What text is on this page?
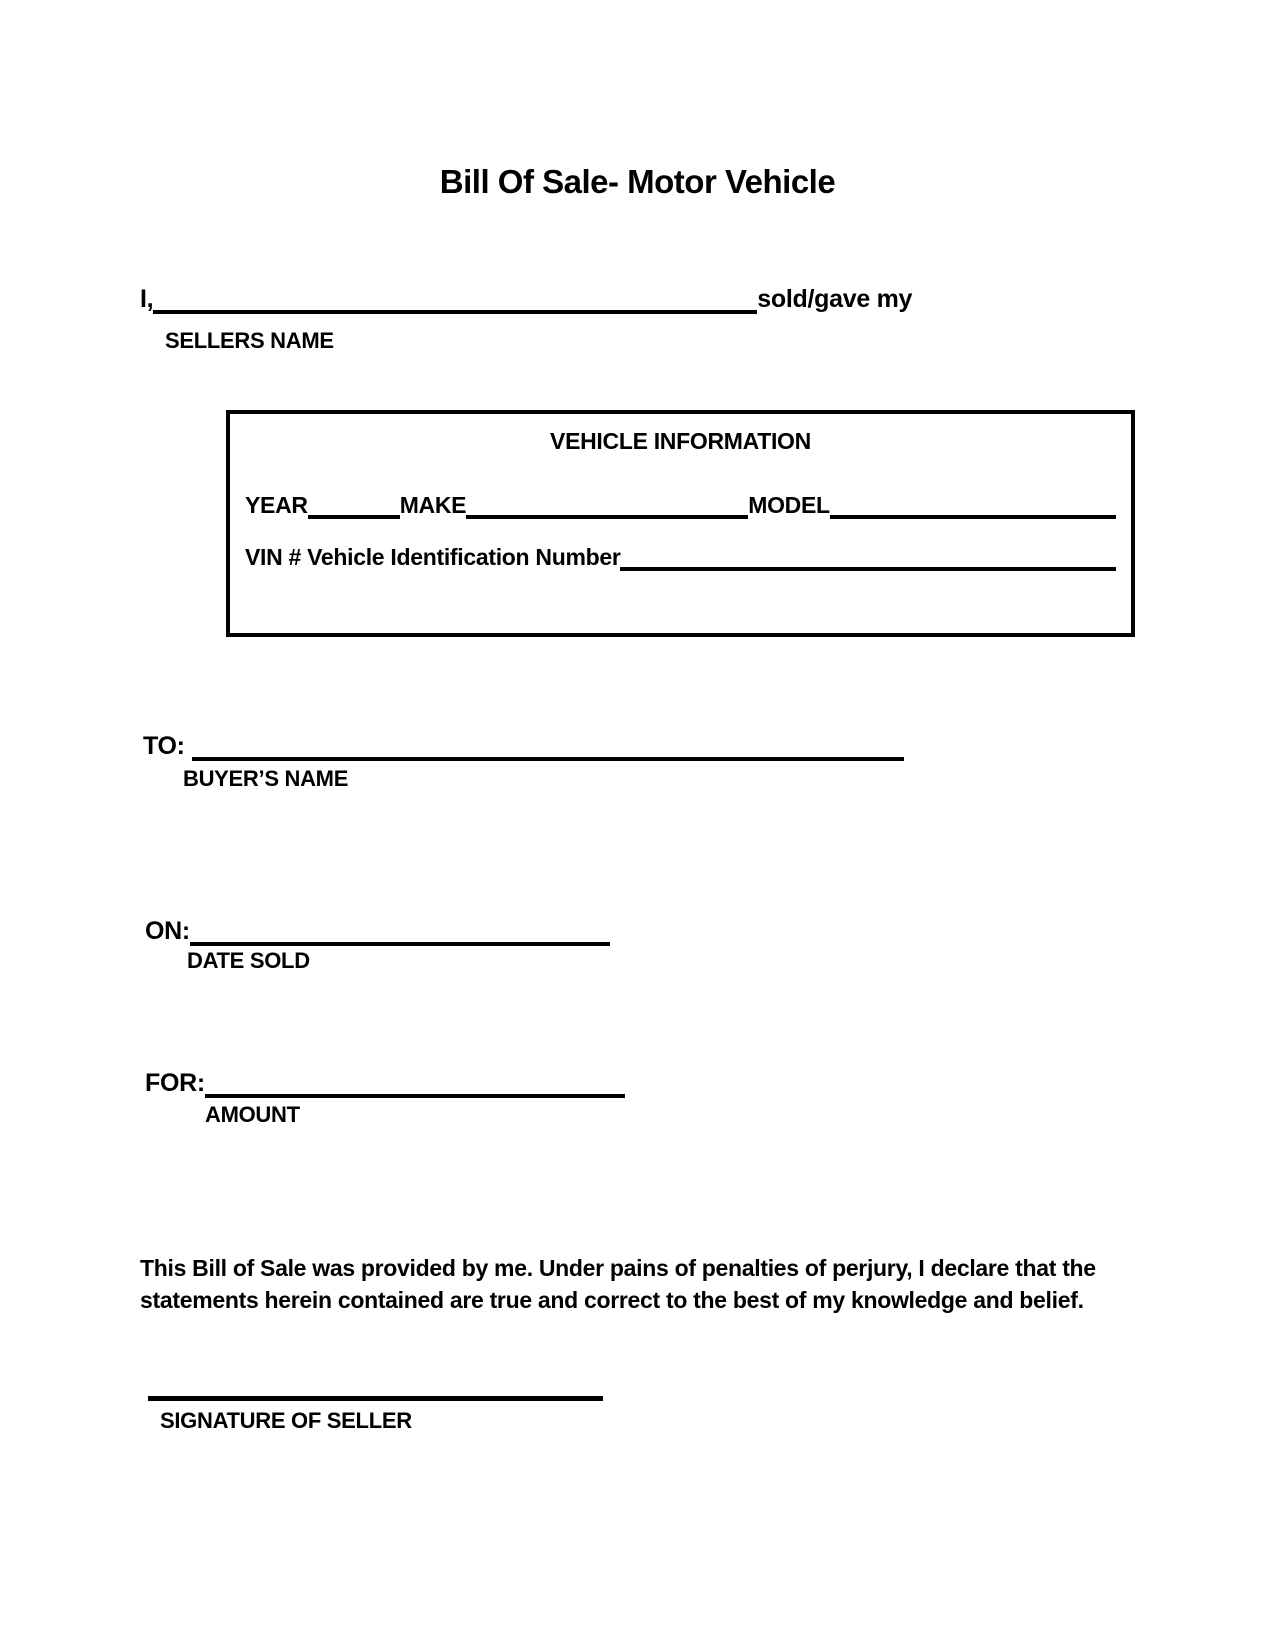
Bill Of Sale- Motor Vehicle
I,	sold/gave my
SELLERS NAME
VEHICLE INFORMATION
YEAR	MAKE	MODEL
VIN # Vehicle Identification Number
TO:
BUYER’S NAME
ON:
DATE SOLD
FOR:
AMOUNT
This Bill of Sale was provided by me. Under pains of penalties of perjury, I declare that the
statements herein contained are true and correct to the best of my knowledge and belief.
SIGNATURE OF SELLER
